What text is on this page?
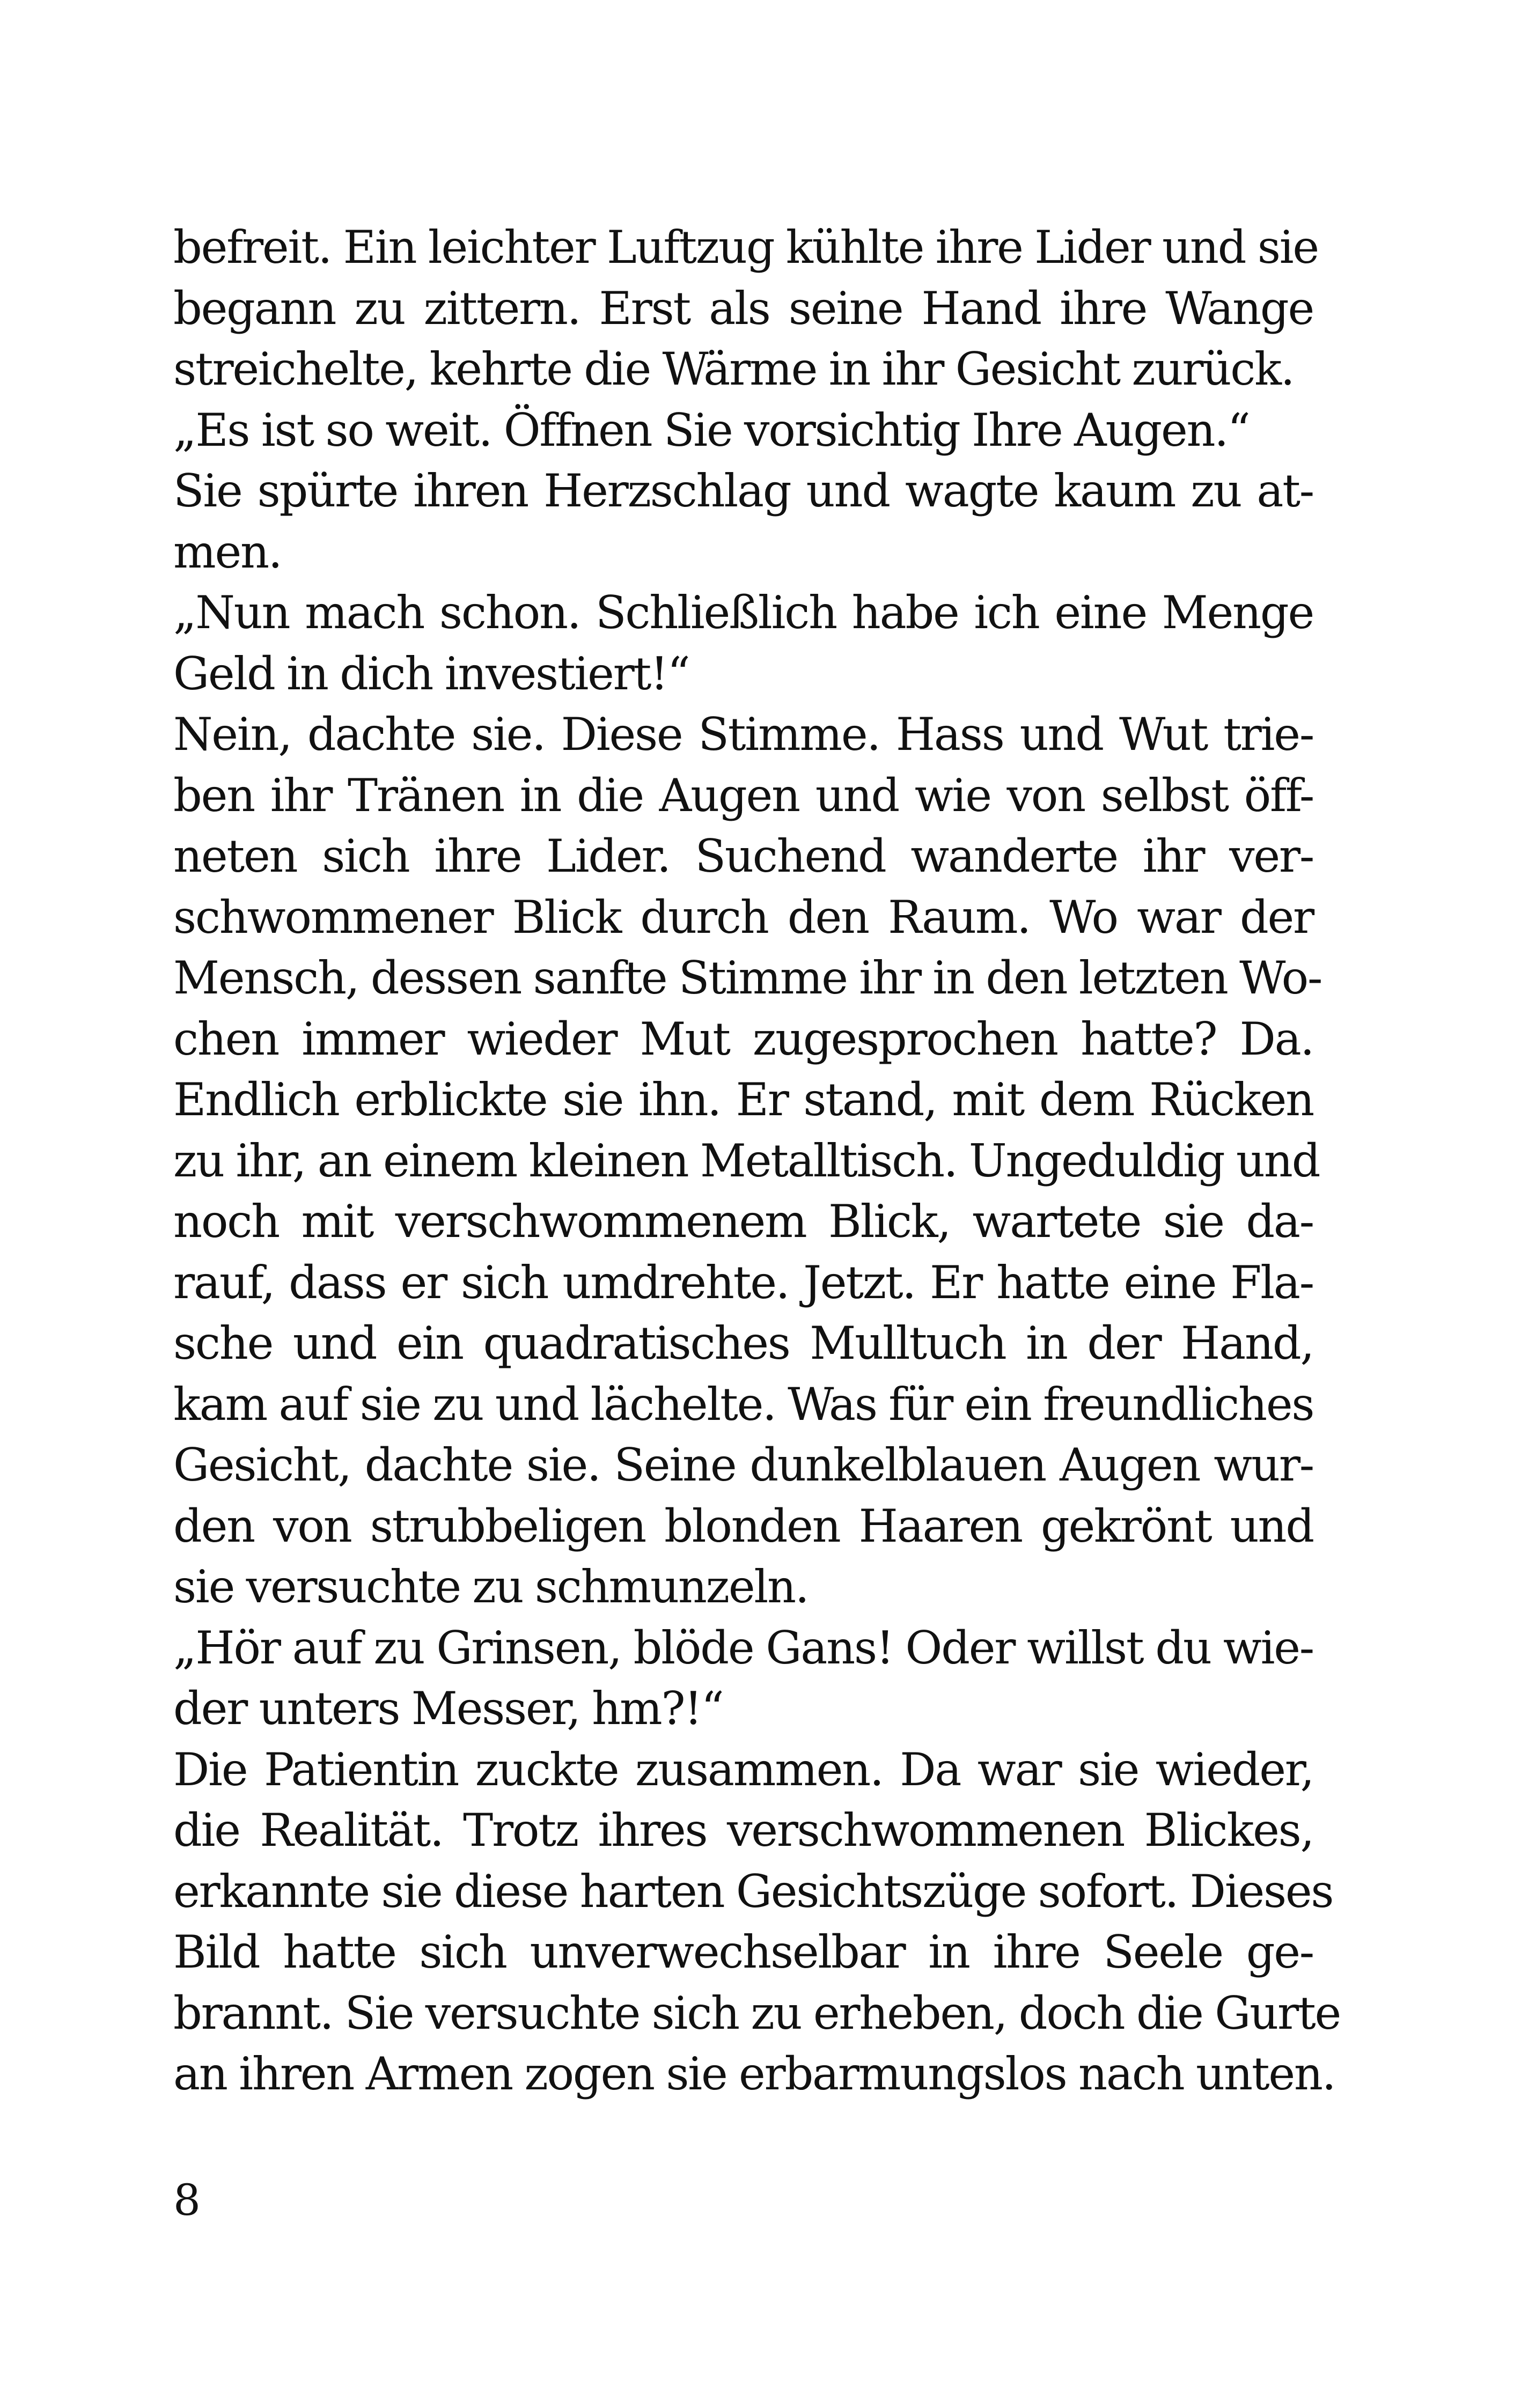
befreit. Ein leichter Luftzug kühlte ihre Lider und sie
begann zu zittern. Erst als seine Hand ihre Wange
streichelte, kehrte die Wärme in ihr Gesicht zurück.
„Es ist so weit. Öffnen Sie vorsichtig Ihre Augen.“
Sie spürte ihren Herzschlag und wagte kaum zu at-
men.
„Nun mach schon. Schließlich habe ich eine Menge
Geld in dich investiert!“
Nein, dachte sie. Diese Stimme. Hass und Wut trie-
ben ihr Tränen in die Augen und wie von selbst öff-
neten sich ihre Lider. Suchend wanderte ihr ver-
schwommener Blick durch den Raum. Wo war der
Mensch, dessen sanfte Stimme ihr in den letzten Wo-
chen immer wieder Mut zugesprochen hatte? Da.
Endlich erblickte sie ihn. Er stand, mit dem Rücken
zu ihr, an einem kleinen Metalltisch. Ungeduldig und
noch mit verschwommenem Blick, wartete sie da-
rauf, dass er sich umdrehte. Jetzt. Er hatte eine Fla-
sche und ein quadratisches Mulltuch in der Hand,
kam auf sie zu und lächelte. Was für ein freundliches
Gesicht, dachte sie. Seine dunkelblauen Augen wur-
den von strubbeligen blonden Haaren gekrönt und
sie versuchte zu schmunzeln.
„Hör auf zu Grinsen, blöde Gans! Oder willst du wie-
der unters Messer, hm?!“
Die Patientin zuckte zusammen. Da war sie wieder,
die Realität. Trotz ihres verschwommenen Blickes,
erkannte sie diese harten Gesichtszüge sofort. Dieses
Bild hatte sich unverwechselbar in ihre Seele ge-
brannt. Sie versuchte sich zu erheben, doch die Gurte
an ihren Armen zogen sie erbarmungslos nach unten.
8
